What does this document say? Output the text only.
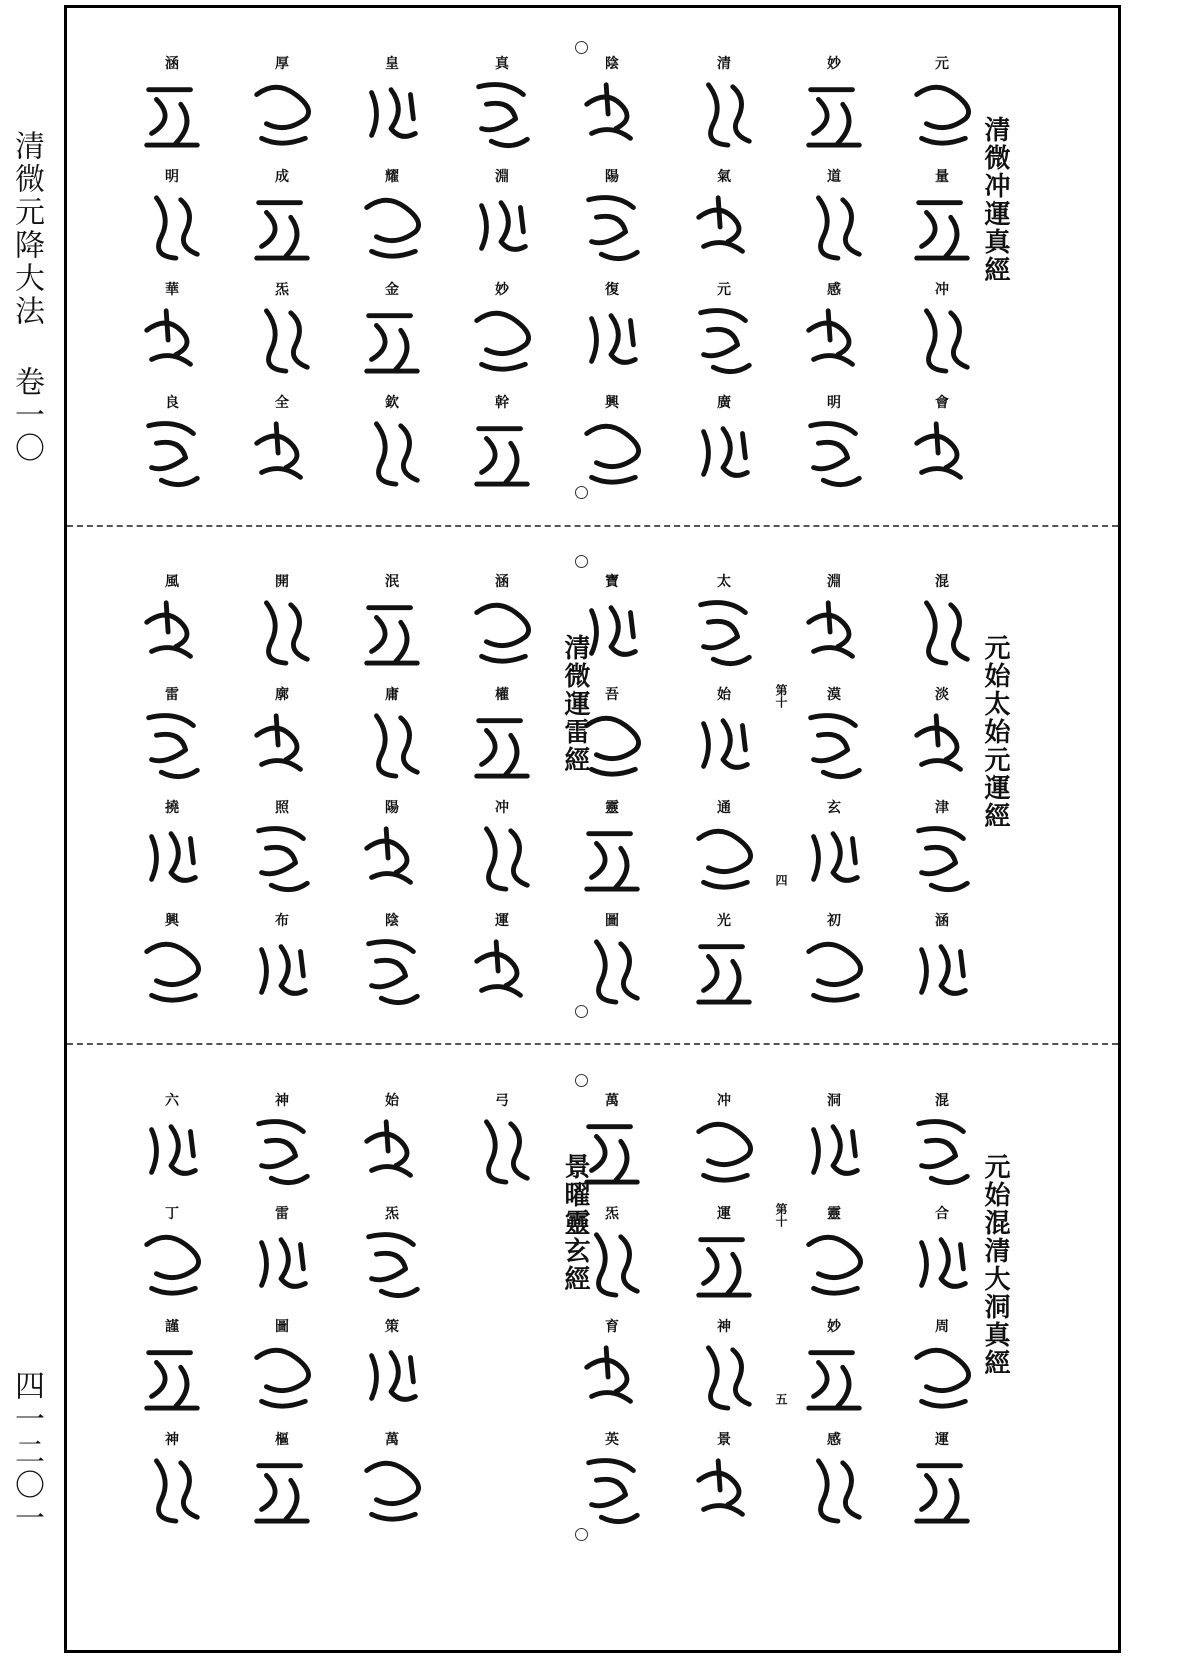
清微元降大法 卷一〇
四一二〇一
清微冲運真經
元
量
冲
會
妙
道
感
明
清
氣
元
廣
陰
陽
復
興
真
淵
妙
幹
皇
耀
金
欽
厚
成
炁
全
涵
明
華
良
元始太始元運經
混
淡
津
涵
淵
漠
玄
初
第十
四
太
始
通
光
寶
吾
靈
圖
清微運雷經
涵
權
冲
運
泯
庸
陽
陰
開
廓
照
布
風
雷
撓
興
元始混清大洞真經
混
合
周
運
洞
靈
妙
感
第十
五
冲
運
神
景
萬
炁
育
英
景曜靈玄經
弓
始
炁
策
萬
神
雷
圖
樞
六
丁
謹
神
